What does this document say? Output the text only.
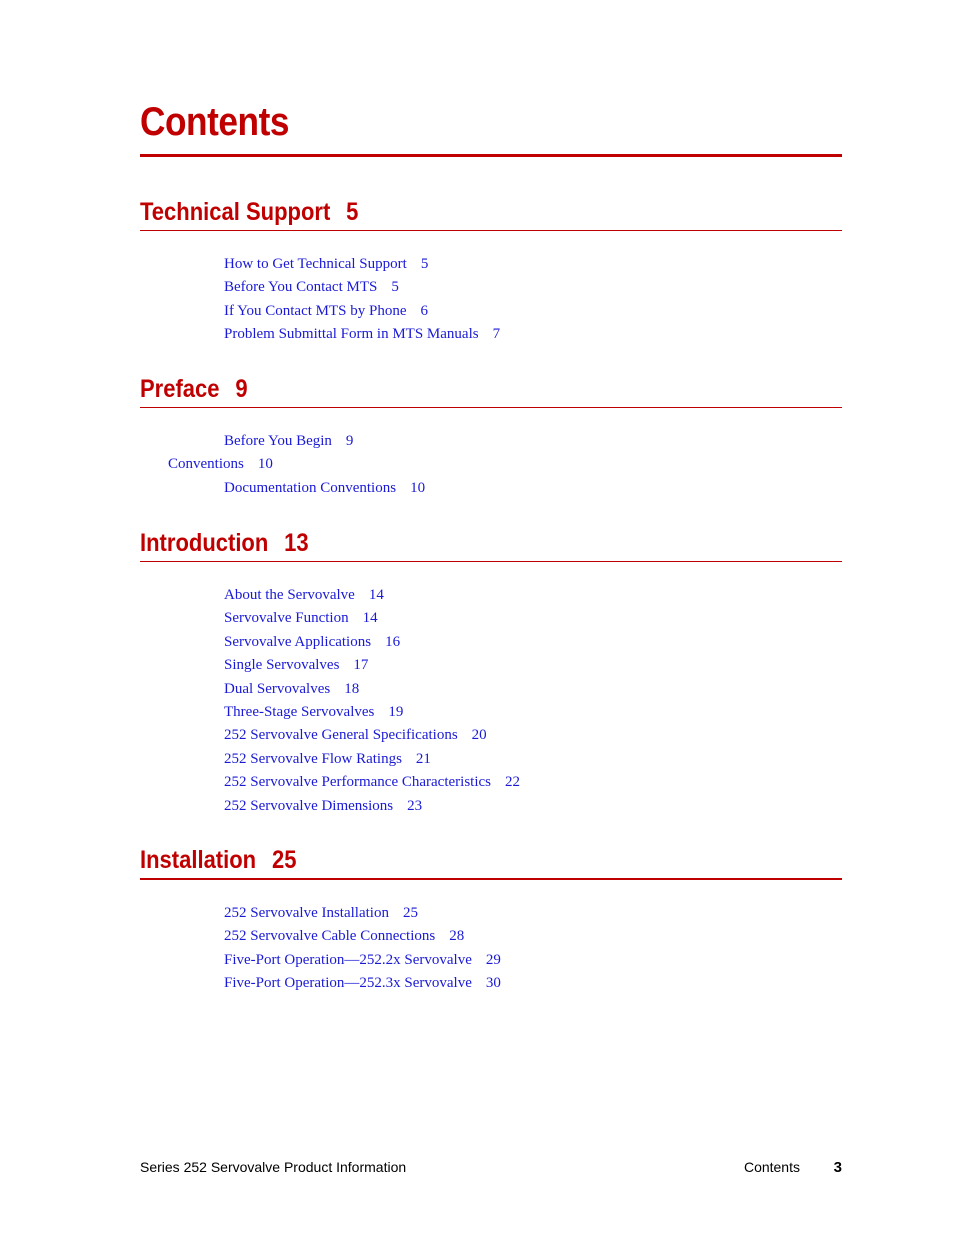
Contents
Technical Support 5
How to Get Technical Support 5
Before You Contact MTS 5
If You Contact MTS by Phone 6
Problem Submittal Form in MTS Manuals 7
Preface 9
Before You Begin 9
Conventions 10
Documentation Conventions 10
Introduction 13
About the Servovalve 14
Servovalve Function 14
Servovalve Applications 16
Single Servovalves 17
Dual Servovalves 18
Three-Stage Servovalves 19
252 Servovalve General Specifications 20
252 Servovalve Flow Ratings 21
252 Servovalve Performance Characteristics 22
252 Servovalve Dimensions 23
Installation 25
252 Servovalve Installation 25
252 Servovalve Cable Connections 28
Five-Port Operation—252.2x Servovalve 29
Five-Port Operation—252.3x Servovalve 30
Series 252 Servovalve Product Information	Contents 3
